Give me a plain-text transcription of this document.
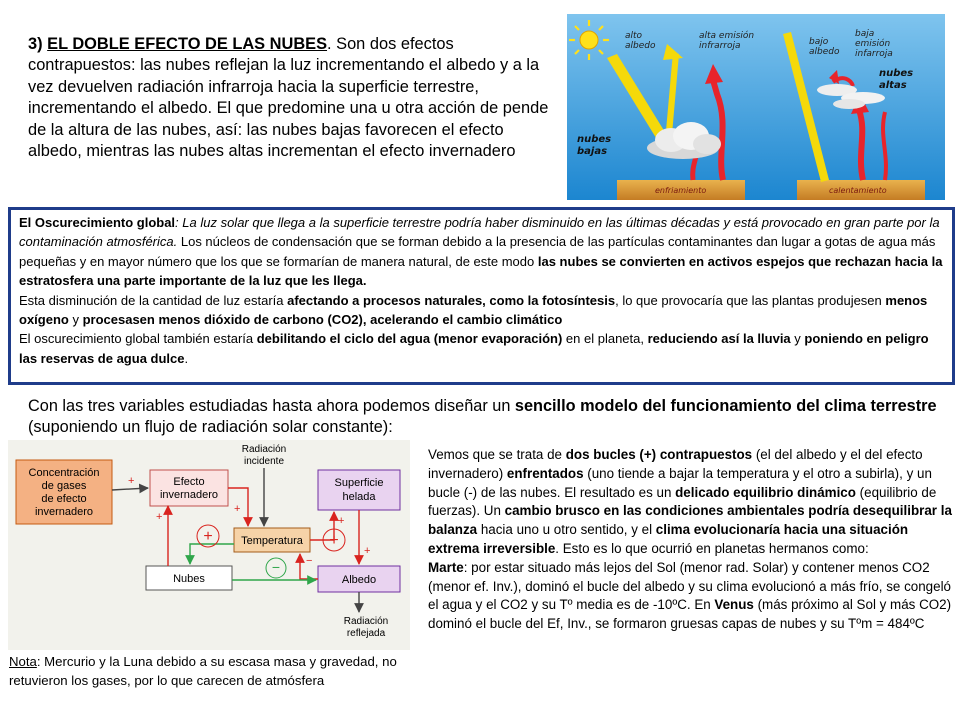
3) EL DOBLE EFECTO DE LAS NUBES. Son dos efectos contrapuestos: las nubes reflejan la luz incrementando el albedo y a la vez devuelven radiación infrarroja hacia la superficie terrestre, incrementando el albedo. El que predomine una u otra acción de pende de la altura de las nubes, así: las nubes bajas favorecen el efecto albedo, mientras las nubes altas incrementan el efecto invernadero

alto
albedo
alta emisión
infrarroja	bajo
albedo
baja
emisión
infarroja
nubes
bajas
nubes
altas
enfriamiento	calentamiento

El Oscurecimiento global: La luz solar que llega a la superficie terrestre podría haber disminuido en las últimas décadas y está provocado en gran parte por la contaminación atmosférica. Los núcleos de condensación que se forman debido a la presencia de las partículas contaminantes dan lugar a gotas de agua más pequeñas y en mayor número que los que se formarían de manera natural, de este modo las nubes se convierten en activos espejos que rechazan hacia la estratosfera una parte importante de la luz que les llega.

Esta disminución de la cantidad de luz estaría afectando a procesos naturales, como la fotosíntesis, lo que provocaría que las plantas produjesen menos oxígeno y procesasen menos dióxido de carbono (CO2), acelerando el cambio climático

El oscurecimiento global también estaría debilitando el ciclo del agua (menor evaporación) en el planeta, reduciendo así la lluvia y poniendo en peligro las reservas de agua dulce.

Con las tres variables estudiadas hasta ahora podemos diseñar un sencillo modelo del funcionamiento del clima terrestre (suponiendo un flujo de radiación solar constante):

Concentración
de gases
de efecto
invernadero
Efecto
invernadero
Radiación
incidente
Superficie
helada
Temperatura
Nubes	Albedo
Radiación
reflejada
+
+
+
+
−
+
+	+
−

Vemos que se trata de dos bucles (+) contrapuestos (el del albedo y el del efecto invernadero) enfrentados (uno tiende a bajar la temperatura y el otro a subirla), y un bucle (-) de las nubes. El resultado es un delicado equilibrio dinámico (equilibrio de fuerzas). Un cambio brusco en las condiciones ambientales podría desequilibrar la balanza hacia uno u otro sentido, y el clima evolucionaría hacia una situación extrema irreversible. Esto es lo que ocurrió en planetas hermanos como:
Marte: por estar situado más lejos del Sol (menor rad. Solar) y contener menos CO2 (menor ef. Inv.), dominó el bucle del albedo y su clima evolucionó a más frío, se congeló el agua y el CO2 y su Tº media es de -10ºC. En Venus (más próximo al Sol y más CO2) dominó el bucle del Ef, Inv., se formaron gruesas capas de nubes y su Tºm = 484ºC

Nota: Mercurio y la Luna debido a su escasa masa y gravedad, no retuvieron los gases, por lo que carecen de atmósfera
